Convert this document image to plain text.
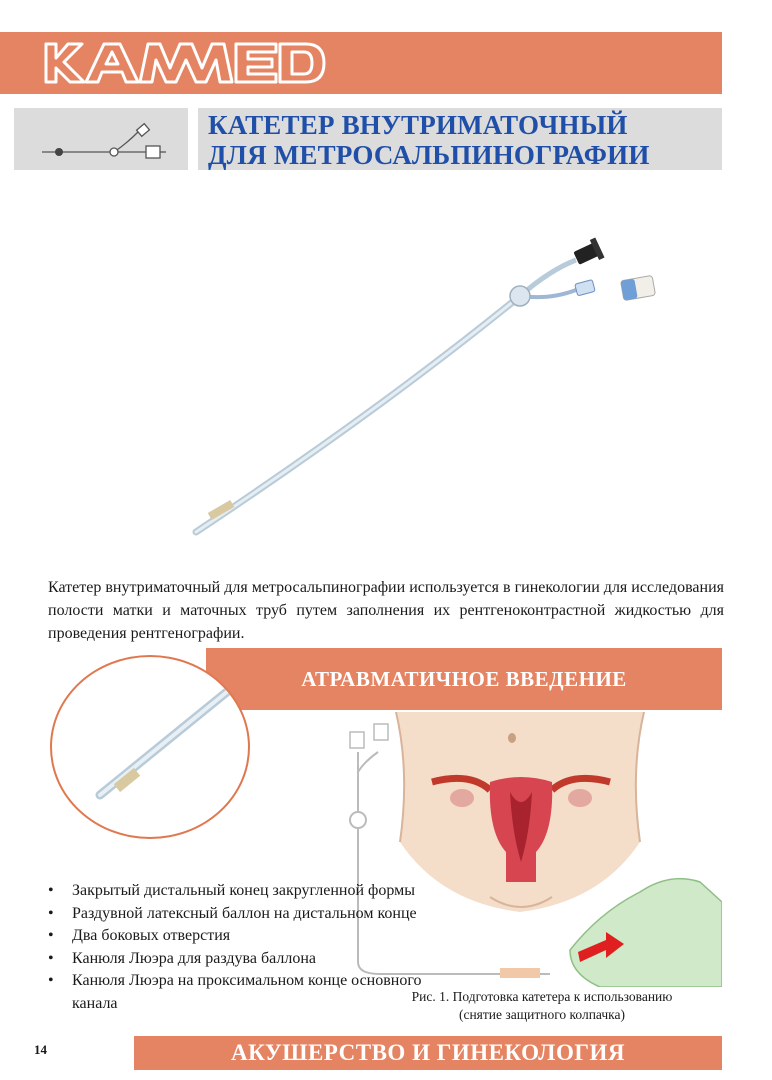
КАТЕТЕР ВНУТРИМАТОЧНЫЙ
ДЛЯ МЕТРОСАЛЬПИНОГРАФИИ

Катетер внутриматочный для метросальпинографии используется в гинекологии для исследования полости матки и маточных труб путем заполнения их рентгеноконтрастной жидкостью для проведения рентгенографии.

АТРАВМАТИЧНОЕ ВВЕДЕНИЕ
• Закрытый дистальный конец закругленной формы
• Раздувной латексный баллон на дистальном конце
• Два боковых отверстия
• Канюля Люэра для раздува баллона
• Канюля Люэра на проксимальном конце основного канала	Рис. 1. Подготовка катетера к использованию
(снятие защитного колпачка)

14	АКУШЕРСТВО И ГИНЕКОЛОГИЯ
